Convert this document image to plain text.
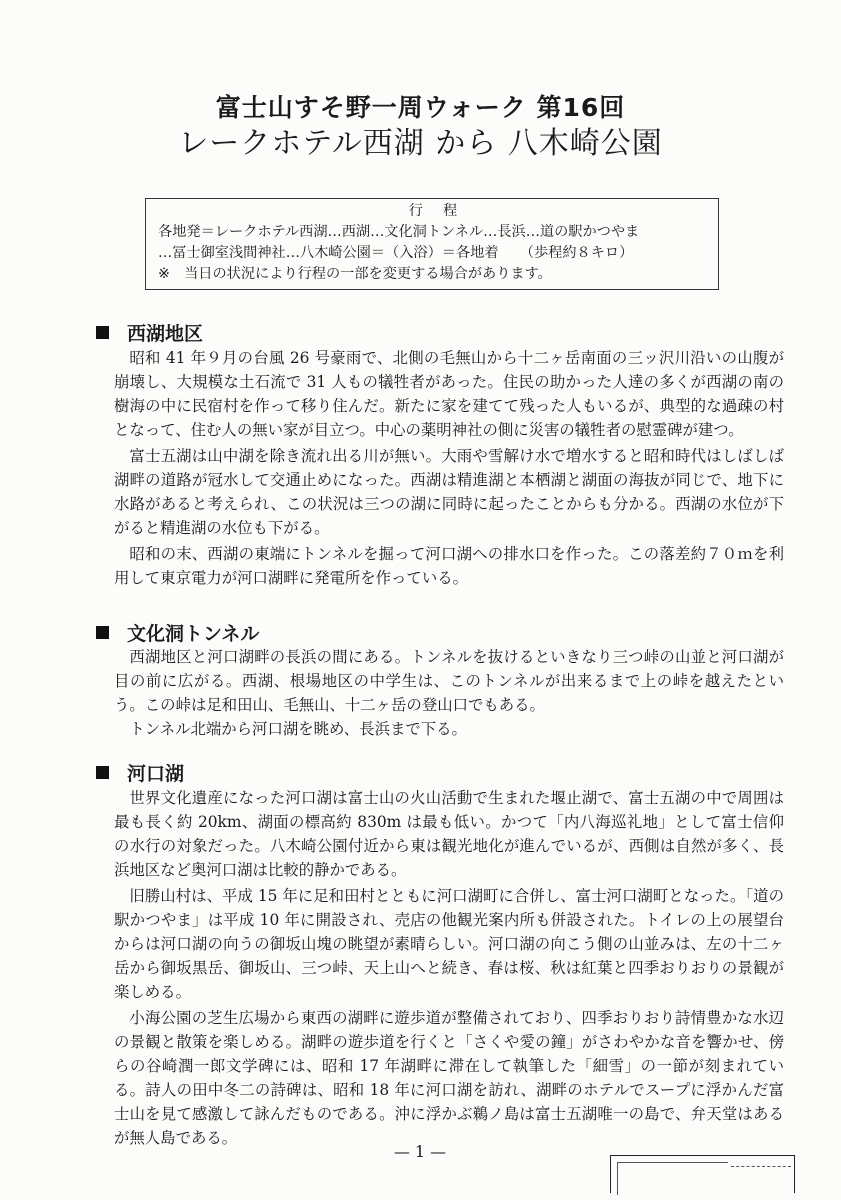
富士山すそ野一周ウォーク 第16回
レークホテル西湖 から 八木崎公園
行程
各地発＝レークホテル西湖…西湖…文化洞トンネル…長浜…道の駅かつやま
…冨士御室浅間神社…八木崎公園＝（入浴）＝各地着　　（歩程約８キロ）
※　当日の状況により行程の一部を変更する場合があります。
西湖地区

昭和 41 年９月の台風 26 号豪雨で、北側の毛無山から十二ヶ岳南面の三ッ沢川沿いの山腹が崩壊し、大規模な土石流で 31 人もの犠牲者があった。住民の助かった人達の多くが西湖の南の樹海の中に民宿村を作って移り住んだ。新たに家を建てて残った人もいるが、典型的な過疎の村となって、住む人の無い家が目立つ。中心の薬明神社の側に災害の犠牲者の慰霊碑が建つ。

富士五湖は山中湖を除き流れ出る川が無い。大雨や雪解け水で増水すると昭和時代はしばしば湖畔の道路が冠水して交通止めになった。西湖は精進湖と本栖湖と湖面の海抜が同じで、地下に水路があると考えられ、この状況は三つの湖に同時に起ったことからも分かる。西湖の水位が下がると精進湖の水位も下がる。

昭和の末、西湖の東端にトンネルを掘って河口湖への排水口を作った。この落差約７０ｍを利用して東京電力が河口湖畔に発電所を作っている。

文化洞トンネル

西湖地区と河口湖畔の長浜の間にある。トンネルを抜けるといきなり三つ峠の山並と河口湖が目の前に広がる。西湖、根場地区の中学生は、このトンネルが出来るまで上の峠を越えたという。この峠は足和田山、毛無山、十二ヶ岳の登山口でもある。

トンネル北端から河口湖を眺め、長浜まで下る。

河口湖

世界文化遺産になった河口湖は富士山の火山活動で生まれた堰止湖で、富士五湖の中で周囲は最も長く約 20km、湖面の標高約 830m は最も低い。かつて「内八海巡礼地」として富士信仰の水行の対象だった。八木崎公園付近から東は観光地化が進んでいるが、西側は自然が多く、長浜地区など奥河口湖は比較的静かである。

旧勝山村は、平成 15 年に足和田村とともに河口湖町に合併し、富士河口湖町となった。「道の駅かつやま」は平成 10 年に開設され、売店の他観光案内所も併設された。トイレの上の展望台からは河口湖の向うの御坂山塊の眺望が素晴らしい。河口湖の向こう側の山並みは、左の十二ヶ岳から御坂黒岳、御坂山、三つ峠、天上山へと続き、春は桜、秋は紅葉と四季おりおりの景観が楽しめる。

小海公園の芝生広場から東西の湖畔に遊歩道が整備されており、四季おりおり詩情豊かな水辺の景観と散策を楽しめる。湖畔の遊歩道を行くと「さくや愛の鐘」がさわやかな音を響かせ、傍らの谷崎潤一郎文学碑には、昭和 17 年湖畔に滞在して執筆した「細雪」の一節が刻まれている。詩人の田中冬二の詩碑は、昭和 18 年に河口湖を訪れ、湖畔のホテルでスープに浮かんだ富士山を見て感激して詠んだものである。沖に浮かぶ鵜ノ島は富士五湖唯一の島で、弁天堂はあるが無人島である。

— 1 —
